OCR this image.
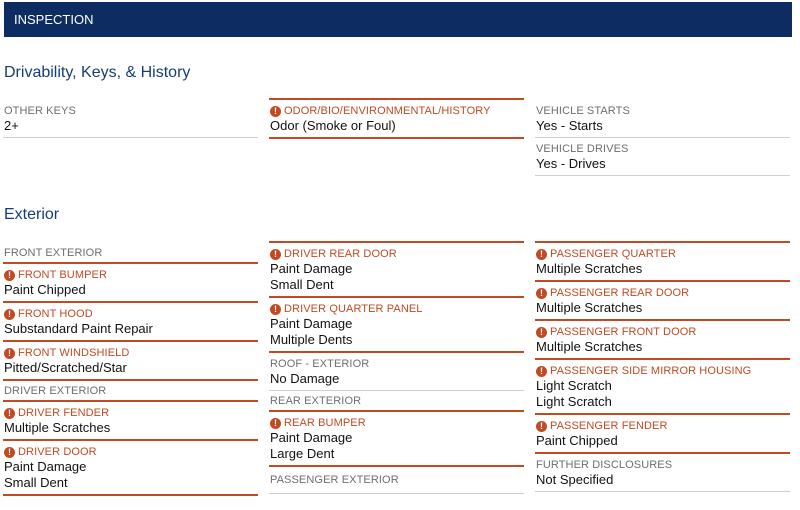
INSPECTION
Drivability, Keys, & History
OTHER KEYS
2+
! ODOR/BIO/ENVIRONMENTAL/HISTORY
Odor (Smoke or Foul)
VEHICLE STARTS
Yes - Starts
VEHICLE DRIVES
Yes - Drives
Exterior
FRONT EXTERIOR
! FRONT BUMPER
Paint Chipped
! FRONT HOOD
Substandard Paint Repair
! FRONT WINDSHIELD
Pitted/Scratched/Star
DRIVER EXTERIOR
! DRIVER FENDER
Multiple Scratches
! DRIVER DOOR
Paint Damage
Small Dent
! DRIVER REAR DOOR
Paint Damage
Small Dent
! DRIVER QUARTER PANEL
Paint Damage
Multiple Dents
ROOF - EXTERIOR
No Damage
REAR EXTERIOR
! REAR BUMPER
Paint Damage
Large Dent
PASSENGER EXTERIOR
! PASSENGER QUARTER
Multiple Scratches
! PASSENGER REAR DOOR
Multiple Scratches
! PASSENGER FRONT DOOR
Multiple Scratches
! PASSENGER SIDE MIRROR HOUSING
Light Scratch
Light Scratch
! PASSENGER FENDER
Paint Chipped
FURTHER DISCLOSURES
Not Specified
